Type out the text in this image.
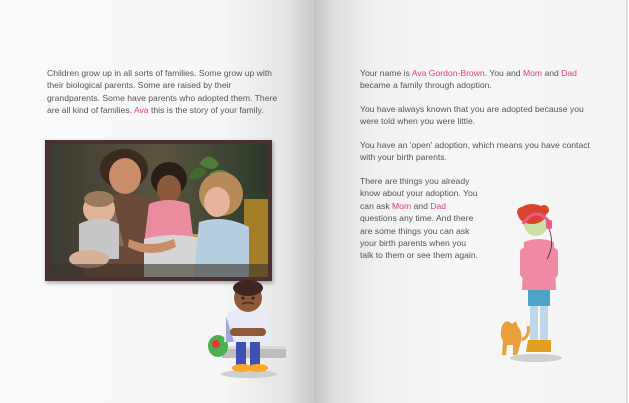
Children grow up in all sorts of families. Some grow up with their biological parents. Some are raised by their grandparents. Some have parents who adopted them. There are all kind of families. Ava this is the story of your family.

Your name is Ava Gordon-Brown. You and Mom and Dad became a family through adoption.

You have always known that you are adopted because you were told when you were little.

You have an 'open' adoption, which means you have contact with your birth parents.

There are things you already know about your adoption. You can ask Mom and Dad questions any time. And there are some things you can ask your birth parents when you talk to them or see them again.
